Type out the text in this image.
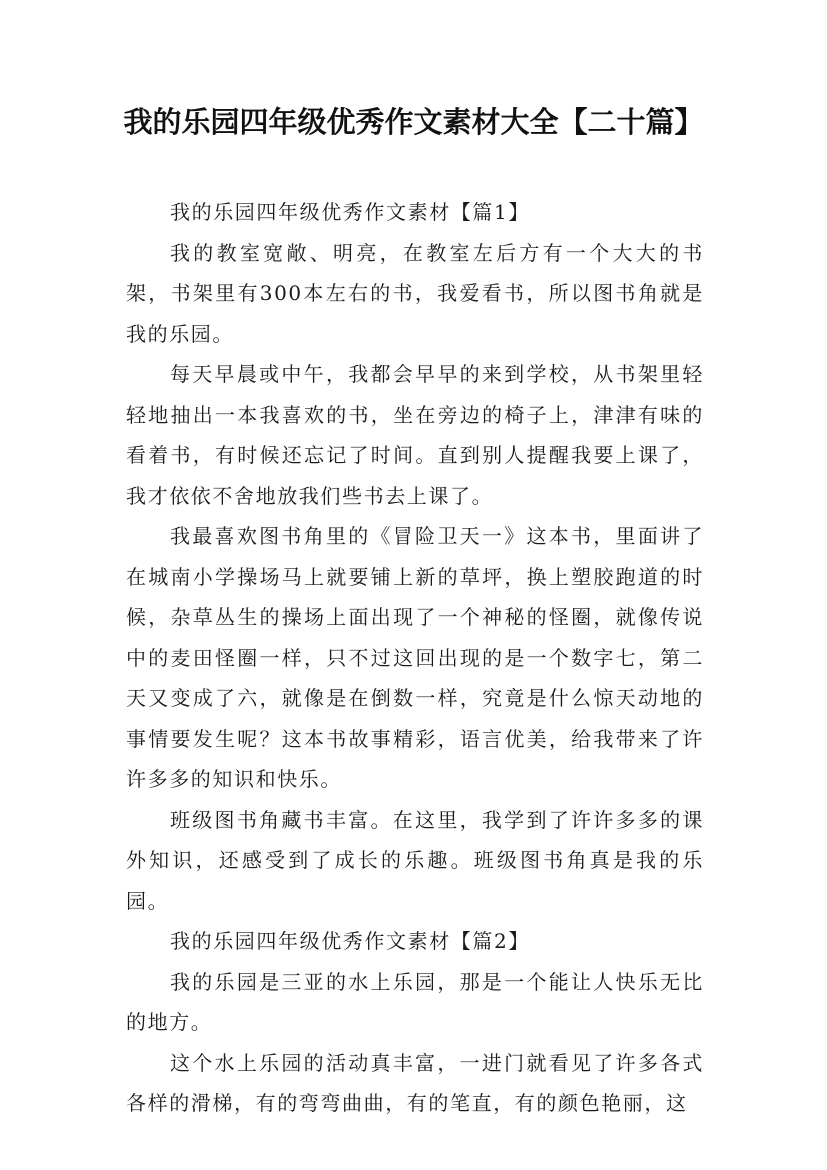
我的乐园四年级优秀作文素材大全【二十篇】

我的乐园四年级优秀作文素材【篇1】

我的教室宽敞、明亮，在教室左后方有一个大大的书架，书架里有300本左右的书，我爱看书，所以图书角就是我的乐园。

每天早晨或中午，我都会早早的来到学校，从书架里轻轻地抽出一本我喜欢的书，坐在旁边的椅子上，津津有味的看着书，有时候还忘记了时间。直到别人提醒我要上课了，我才依依不舍地放我们些书去上课了。

我最喜欢图书角里的《冒险卫天一》这本书，里面讲了在城南小学操场马上就要铺上新的草坪，换上塑胶跑道的时候，杂草丛生的操场上面出现了一个神秘的怪圈，就像传说中的麦田怪圈一样，只不过这回出现的是一个数字七，第二天又变成了六，就像是在倒数一样，究竟是什么惊天动地的事情要发生呢？这本书故事精彩，语言优美，给我带来了许许多多的知识和快乐。

班级图书角藏书丰富。在这里，我学到了许许多多的课外知识，还感受到了成长的乐趣。班级图书角真是我的乐园。

我的乐园四年级优秀作文素材【篇2】

我的乐园是三亚的水上乐园，那是一个能让人快乐无比的地方。

这个水上乐园的活动真丰富，一进门就看见了许多各式各样的滑梯，有的弯弯曲曲，有的笔直，有的颜色艳丽，这
